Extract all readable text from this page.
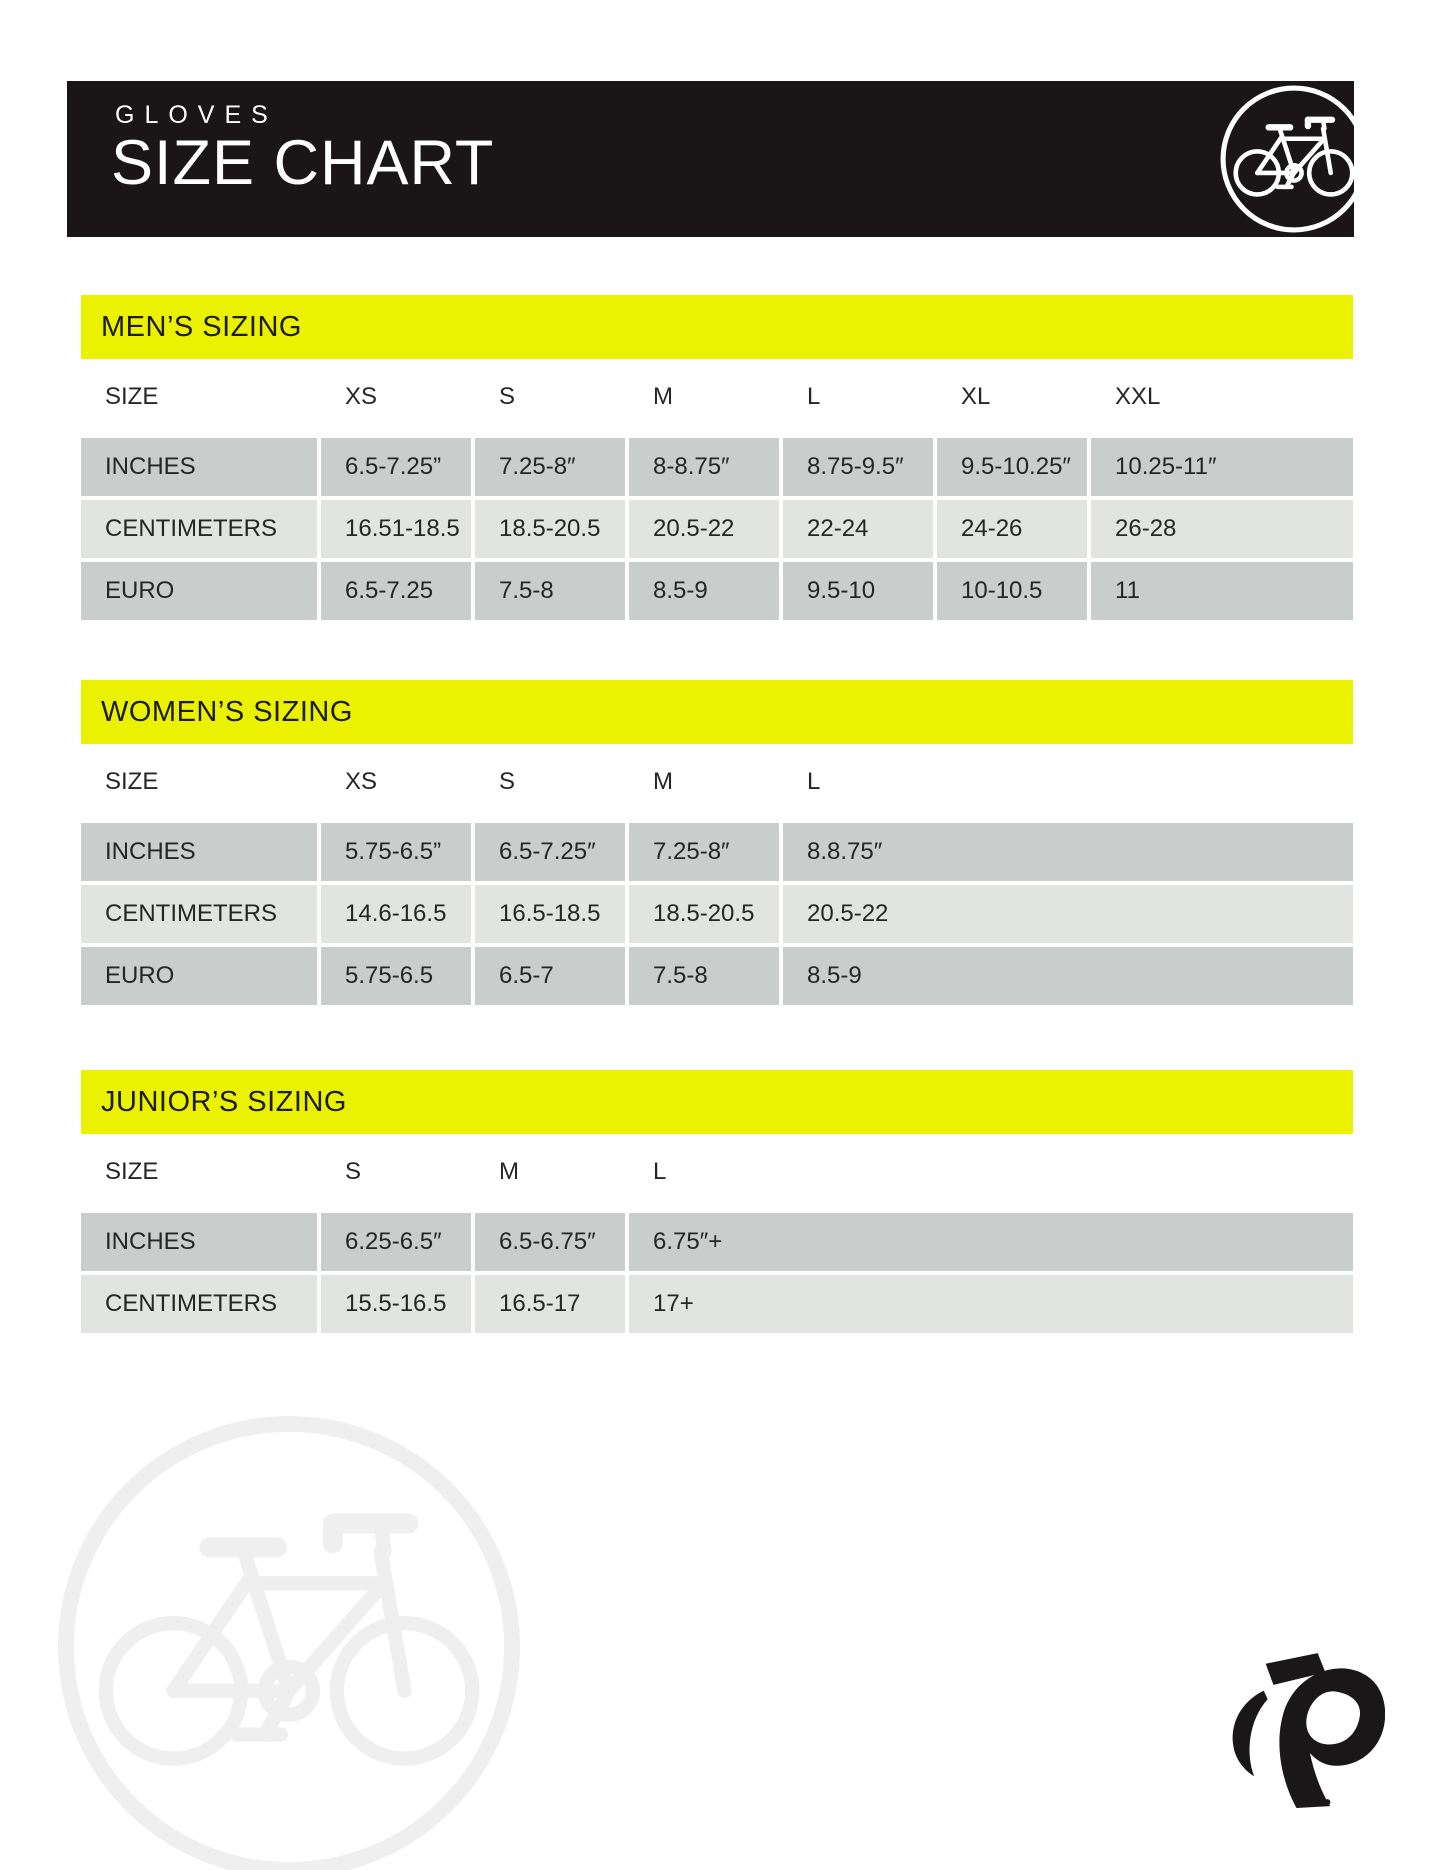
GLOVES
SIZE CHART
MEN’S SIZING
SIZE	XS	S	M	L	XL	XXL
INCHES	6.5-7.25”	7.25-8″	8-8.75″	8.75-9.5″	9.5-10.25″	10.25-11″
CENTIMETERS	16.51-18.5	18.5-20.5	20.5-22	22-24	24-26	26-28
EURO	6.5-7.25	7.5-8	8.5-9	9.5-10	10-10.5	11
WOMEN’S SIZING
SIZE	XS	S	M	L
INCHES	5.75-6.5”	6.5-7.25″	7.25-8″	8.8.75″
CENTIMETERS	14.6-16.5	16.5-18.5	18.5-20.5	20.5-22
EURO	5.75-6.5	6.5-7	7.5-8	8.5-9
JUNIOR’S SIZING
SIZE	S	M	L
INCHES	6.25-6.5″	6.5-6.75″	6.75″+
CENTIMETERS	15.5-16.5	16.5-17	17+
